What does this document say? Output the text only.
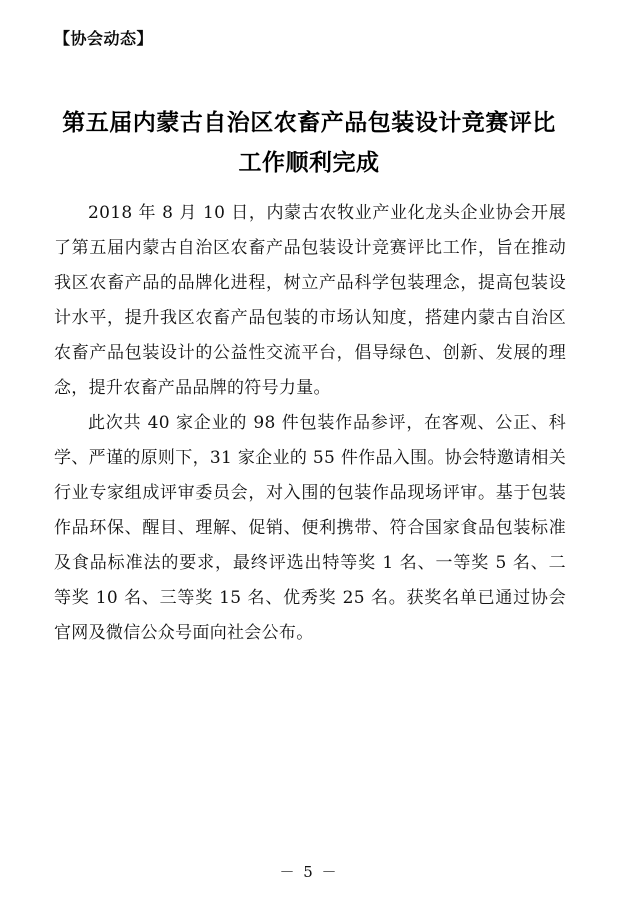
【协会动态】
第五届内蒙古自治区农畜产品包装设计竞赛评比工作顺利完成

2018 年 8 月 10 日，内蒙古农牧业产业化龙头企业协会开展了第五届内蒙古自治区农畜产品包装设计竞赛评比工作，旨在推动我区农畜产品的品牌化进程，树立产品科学包装理念，提高包装设计水平，提升我区农畜产品包装的市场认知度，搭建内蒙古自治区农畜产品包装设计的公益性交流平台，倡导绿色、创新、发展的理念，提升农畜产品品牌的符号力量。

此次共 40 家企业的 98 件包装作品参评，在客观、公正、科学、严谨的原则下，31 家企业的 55 件作品入围。协会特邀请相关行业专家组成评审委员会，对入围的包装作品现场评审。基于包装作品环保、醒目、理解、促销、便利携带、符合国家食品包装标准及食品标准法的要求，最终评选出特等奖 1 名、一等奖 5 名、二等奖 10 名、三等奖 15 名、优秀奖 25 名。获奖名单已通过协会官网及微信公众号面向社会公布。

－ 5 －
